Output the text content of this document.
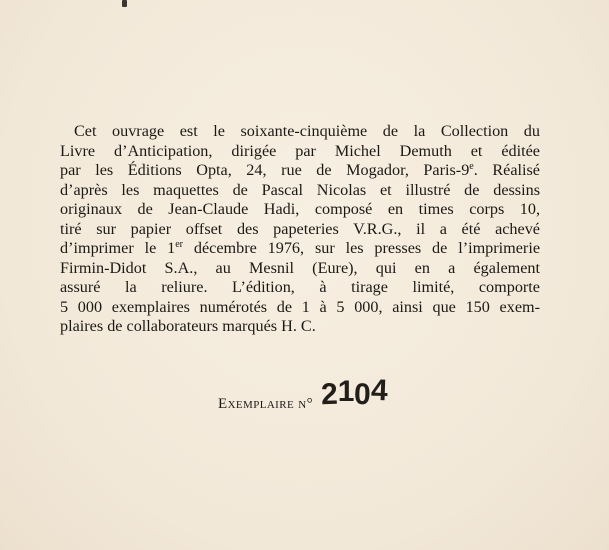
Cet ouvrage est le soixante-cinquième de la Collection du
Livre d’Anticipation, dirigée par Michel Demuth et éditée
par les Éditions Opta, 24, rue de Mogador, Paris-9e. Réalisé
d’après les maquettes de Pascal Nicolas et illustré de dessins
originaux de Jean-Claude Hadi, composé en times corps 10,
tiré sur papier offset des papeteries V.R.G., il a été achevé
d’imprimer le 1er décembre 1976, sur les presses de l’imprimerie
Firmin-Didot S.A., au Mesnil (Eure), qui en a également
assuré la reliure. L’édition, à tirage limité, comporte
5 000 exemplaires numérotés de 1 à 5 000, ainsi que 150 exem-
plaires de collaborateurs marqués H. C.

Exemplaire n° 2104
